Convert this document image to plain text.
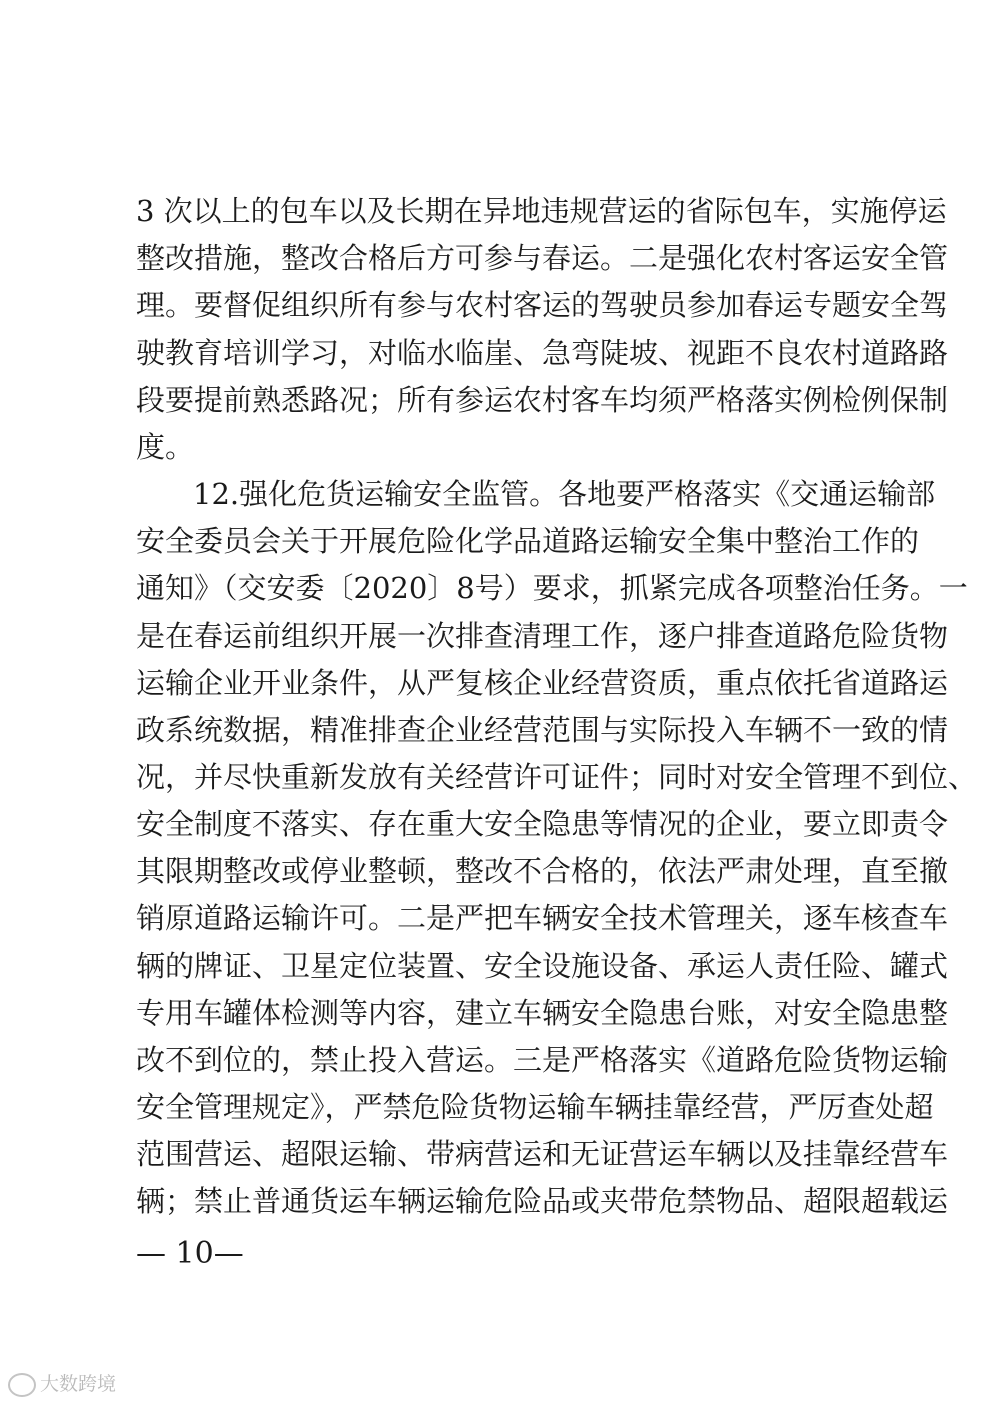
3 次以上的包车以及长期在异地违规营运的省际包车，实施停运
整改措施，整改合格后方可参与春运。二是强化农村客运安全管
理。要督促组织所有参与农村客运的驾驶员参加春运专题安全驾
驶教育培训学习，对临水临崖、急弯陡坡、视距不良农村道路路
段要提前熟悉路况；所有参运农村客车均须严格落实例检例保制
度。
12.强化危货运输安全监管。各地要严格落实《交通运输部
安全委员会关于开展危险化学品道路运输安全集中整治工作的
通知》（交安委〔2020〕8号）要求，抓紧完成各项整治任务。一
是在春运前组织开展一次排查清理工作，逐户排查道路危险货物
运输企业开业条件，从严复核企业经营资质，重点依托省道路运
政系统数据，精准排查企业经营范围与实际投入车辆不一致的情
况，并尽快重新发放有关经营许可证件；同时对安全管理不到位、
安全制度不落实、存在重大安全隐患等情况的企业，要立即责令
其限期整改或停业整顿，整改不合格的，依法严肃处理，直至撤
销原道路运输许可。二是严把车辆安全技术管理关，逐车核查车
辆的牌证、卫星定位装置、安全设施设备、承运人责任险、罐式
专用车罐体检测等内容，建立车辆安全隐患台账，对安全隐患整
改不到位的，禁止投入营运。三是严格落实《道路危险货物运输
安全管理规定》，严禁危险货物运输车辆挂靠经营，严厉查处超
范围营运、超限运输、带病营运和无证营运车辆以及挂靠经营车
辆；禁止普通货运车辆运输危险品或夹带危禁物品、超限超载运
— 10—
大数跨境
